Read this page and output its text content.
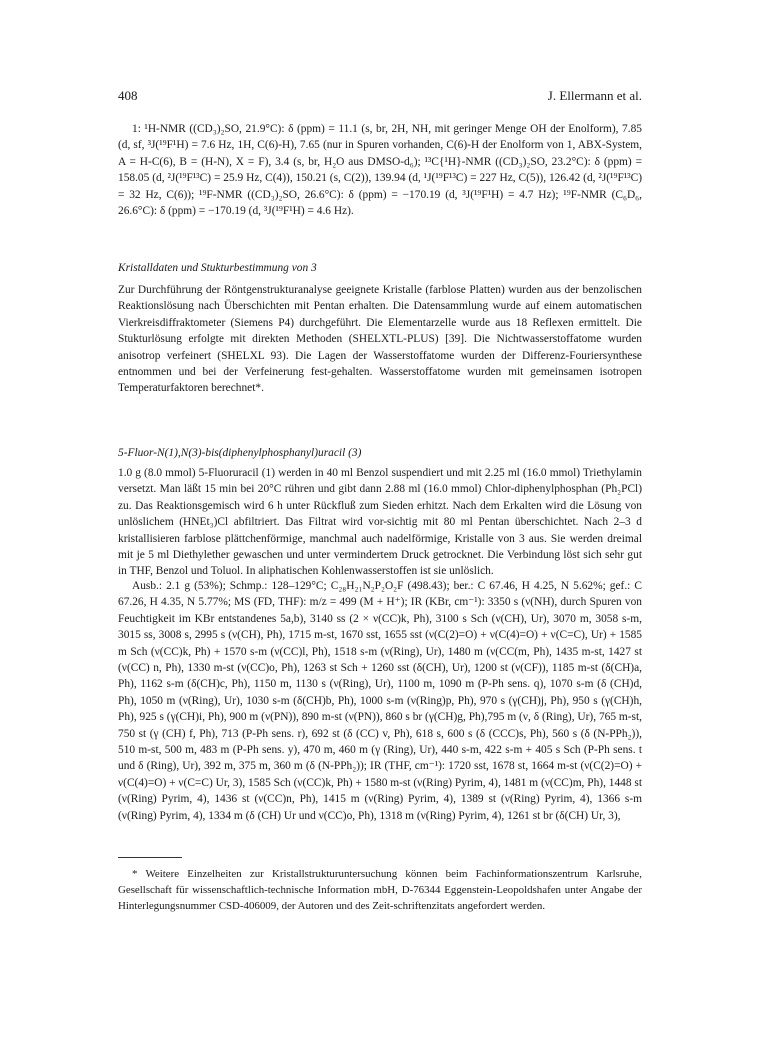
408	J. Ellermann et al.

1: ¹H-NMR ((CD₃)₂SO, 21.9°C): δ (ppm) = 11.1 (s, br, 2H, NH, mit geringer Menge OH der Enolform), 7.85 (d, sf, ³J(¹⁹F¹H) = 7.6 Hz, 1H, C(6)-H), 7.65 (nur in Spuren vorhanden, C(6)-H der Enolform von 1, ABX-System, A = H-C(6), B = (H-N), X = F), 3.4 (s, br, H₂O aus DMSO-d₆); ¹³C{¹H}-NMR ((CD₃)₂SO, 23.2°C): δ (ppm) = 158.05 (d, ²J(¹⁹F¹³C) = 25.9 Hz, C(4)), 150.21 (s, C(2)), 139.94 (d, ¹J(¹⁹F¹³C) = 227 Hz, C(5)), 126.42 (d, ²J(¹⁹F¹³C) = 32 Hz, C(6)); ¹⁹F-NMR ((CD₃)₂SO, 26.6°C): δ (ppm) = −170.19 (d, ³J(¹⁹F¹H) = 4.7 Hz); ¹⁹F-NMR (C₆D₆, 26.6°C): δ (ppm) = −170.19 (d, ³J(¹⁹F¹H) = 4.6 Hz).

Kristalldaten und Stukturbestimmung von 3

Zur Durchführung der Röntgenstrukturanalyse geeignete Kristalle (farblose Platten) wurden aus der benzolischen Reaktionslösung nach Überschichten mit Pentan erhalten. Die Datensammlung wurde auf einem automatischen Vierkreisdiffraktometer (Siemens P4) durchgeführt. Die Elementarzelle wurde aus 18 Reflexen ermittelt. Die Stukturlösung erfolgte mit direkten Methoden (SHELXTL-PLUS) [39]. Die Nichtwasserstoffatome wurden anisotrop verfeinert (SHELXL 93). Die Lagen der Wasserstoffatome wurden der Differenz-Fouriersynthese entnommen und bei der Verfeinerung fest-gehalten. Wasserstoffatome wurden mit gemeinsamen isotropen Temperaturfaktoren berechnet*.

5-Fluor-N(1),N(3)-bis(diphenylphosphanyl)uracil (3)

1.0 g (8.0 mmol) 5-Fluoruracil (1) werden in 40 ml Benzol suspendiert und mit 2.25 ml (16.0 mmol) Triethylamin versetzt. Man läßt 15 min bei 20°C rühren und gibt dann 2.88 ml (16.0 mmol) Chlor-diphenylphosphan (Ph₂PCl) zu. Das Reaktionsgemisch wird 6 h unter Rückfluß zum Sieden erhitzt. Nach dem Erkalten wird die Lösung von unlöslichem (HNEt₃)Cl abfiltriert. Das Filtrat wird vor-sichtig mit 80 ml Pentan überschichtet. Nach 2–3 d kristallisieren farblose plättchenförmige, manchmal auch nadelförmige, Kristalle von 3 aus. Sie werden dreimal mit je 5 ml Diethylether gewaschen und unter vermindertem Druck getrocknet. Die Verbindung löst sich sehr gut in THF, Benzol und Toluol. In aliphatischen Kohlenwasserstoffen ist sie unlöslich.

Ausb.: 2.1 g (53%); Schmp.: 128–129°C; C₂₈H₂₁N₂P₂O₂F (498.43); ber.: C 67.46, H 4.25, N 5.62%; gef.: C 67.26, H 4.35, N 5.77%; MS (FD, THF): m/z = 499 (M + H⁺); IR (KBr, cm⁻¹): 3350 s (ν(NH), durch Spuren von Feuchtigkeit im KBr entstandenes 5a,b), 3140 ss (2 × ν(CC)k, Ph), 3100 s Sch (ν(CH), Ur), 3070 m, 3058 s-m, 3015 ss, 3008 s, 2995 s (ν(CH), Ph), 1715 m-st, 1670 sst, 1655 sst (ν(C(2)=O) + ν(C(4)=O) + ν(C=C), Ur) + 1585 m Sch (ν(CC)k, Ph) + 1570 s-m (ν(CC)l, Ph), 1518 s-m (ν(Ring), Ur), 1480 m (ν(CC(m, Ph), 1435 m-st, 1427 st (ν(CC) n, Ph), 1330 m-st (ν(CC)o, Ph), 1263 st Sch + 1260 sst (δ(CH), Ur), 1200 st (ν(CF)), 1185 m-st (δ(CH)a, Ph), 1162 s-m (δ(CH)c, Ph), 1150 m, 1130 s (ν(Ring), Ur), 1100 m, 1090 m (P-Ph sens. q), 1070 s-m (δ (CH)d, Ph), 1050 m (ν(Ring), Ur), 1030 s-m (δ(CH)b, Ph), 1000 s-m (ν(Ring)p, Ph), 970 s (γ(CH)j, Ph), 950 s (γ(CH)h, Ph), 925 s (γ(CH)i, Ph), 900 m (ν(PN)), 890 m-st (ν(PN)), 860 s br (γ(CH)g, Ph),795 m (ν, δ (Ring), Ur), 765 m-st, 750 st (γ (CH) f, Ph), 713 (P-Ph sens. r), 692 st (δ (CC) v, Ph), 618 s, 600 s (δ (CCC)s, Ph), 560 s (δ (N-PPh₂)), 510 m-st, 500 m, 483 m (P-Ph sens. y), 470 m, 460 m (γ (Ring), Ur), 440 s-m, 422 s-m + 405 s Sch (P-Ph sens. t und δ (Ring), Ur), 392 m, 375 m, 360 m (δ (N-PPh₂)); IR (THF, cm⁻¹): 1720 sst, 1678 st, 1664 m-st (ν(C(2)=O) + ν(C(4)=O) + ν(C=C) Ur, 3), 1585 Sch (ν(CC)k, Ph) + 1580 m-st (ν(Ring) Pyrim, 4), 1481 m (ν(CC)m, Ph), 1448 st (ν(Ring) Pyrim, 4), 1436 st (ν(CC)n, Ph), 1415 m (ν(Ring) Pyrim, 4), 1389 st (ν(Ring) Pyrim, 4), 1366 s-m (ν(Ring) Pyrim, 4), 1334 m (δ (CH) Ur und ν(CC)o, Ph), 1318 m (ν(Ring) Pyrim, 4), 1261 st br (δ(CH) Ur, 3),

* Weitere Einzelheiten zur Kristallstrukturuntersuchung können beim Fachinformationszentrum Karlsruhe, Gesellschaft für wissenschaftlich-technische Information mbH, D-76344 Eggenstein-Leopoldshafen unter Angabe der Hinterlegungsnummer CSD-406009, der Autoren und des Zeit-schriftenzitats angefordert werden.
